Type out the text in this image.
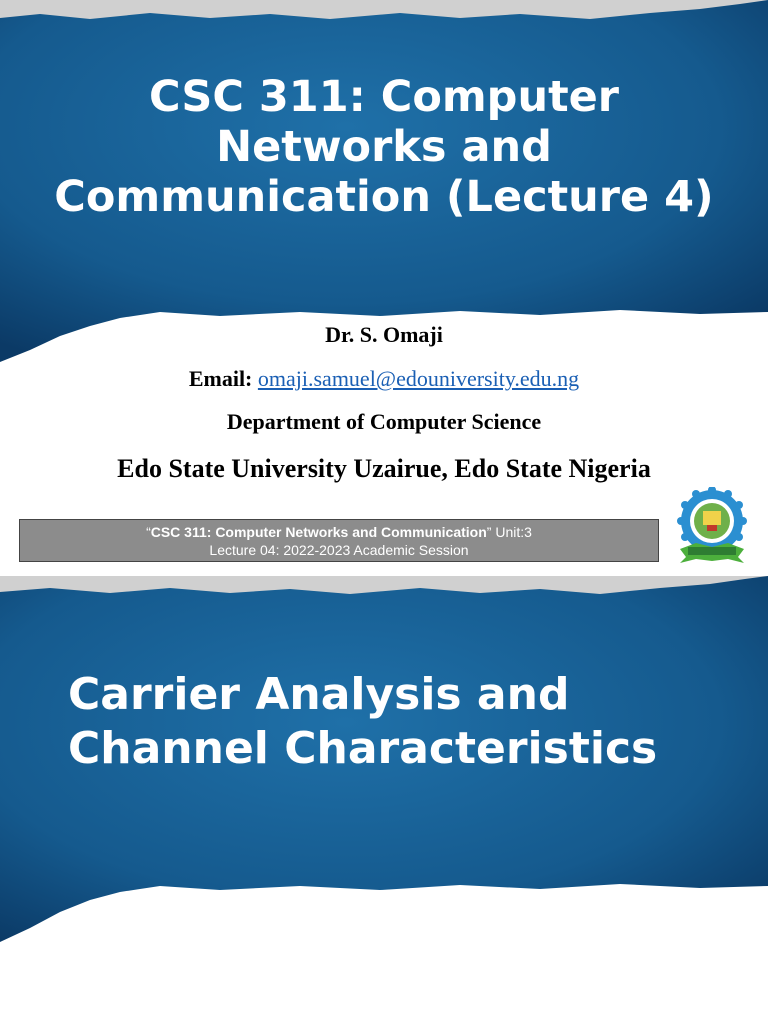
CSC 311: Computer Networks and Communication (Lecture 4)
Dr. S. Omaji
Email: omaji.samuel@edouniversity.edu.ng
Department of Computer Science
Edo State University Uzairue, Edo State Nigeria
“CSC 311: Computer Networks and Communication” Unit:3
Lecture 04: 2022-2023 Academic Session
Carrier Analysis and Channel Characteristics
